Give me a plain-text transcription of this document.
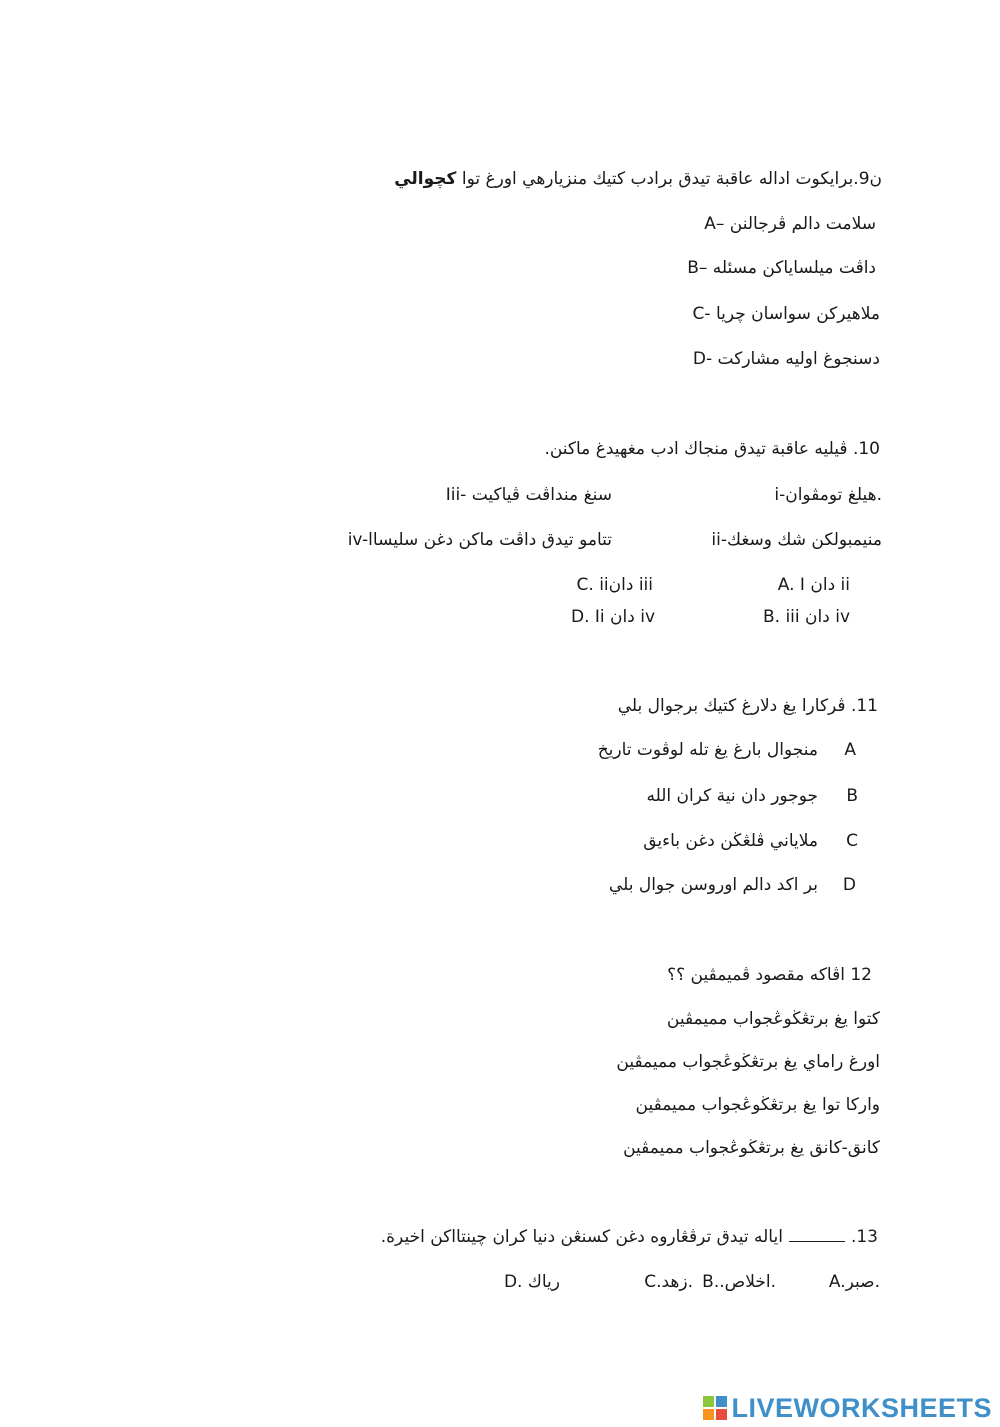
ن9.برايكوت اداله عاقبة تيدق برادب كتيك منزيارهي اورغ توا كچوالي
A– سلامت دالم ڤرجالنن
B– داڤت ميلساياكن مسئله
C- ملاهيركن سواسان چريا
D- دسنجوغ اوليه مشاركت
10. ڤيليه عاقبة تيدق منجاك ادب مغهيدغ ماكنن.
i-هيلغ تومڤوان.
Iii- سنغ منداڤت ڤياكيت
ii-منيمبولكن شك وسغك
iv-تتامو تيدق داڤت ماكن دغن سليساا
A. I دان ii
C. iiدان iii
B. iii دان iv
D. Ii دان iv
11. ڤركارا يغ دلارغ كتيك برجوال بلي
Aمنجوال بارغ يغ تله لوڤوت تاريخ
Bجوجور دان نية كران الله
Cملاياني ڤلڠڬن دغن باءيق
Dبر اكد دالم اوروسن جوال بلي
12 اڤاكه مقصود ڤميمڤين ؟؟
كتوا يغ برتڠڬوڠجواب مميمڤين
اورغ راماي يغ برتڠڬوڠجواب مميمڤين
واركا توا يغ برتڠڬوڠجواب مميمڤين
كانق-كانق يغ برتڠڬوڠجواب مميمڤين
13.اياله تيدق ترڤڠاروه دغن كسنڠن دنيا كران چينتااكن اخيرة.
A.صبر.
B..اخلاص.
C.زهد.
D. رياك
LIVEWORKSHEETS
